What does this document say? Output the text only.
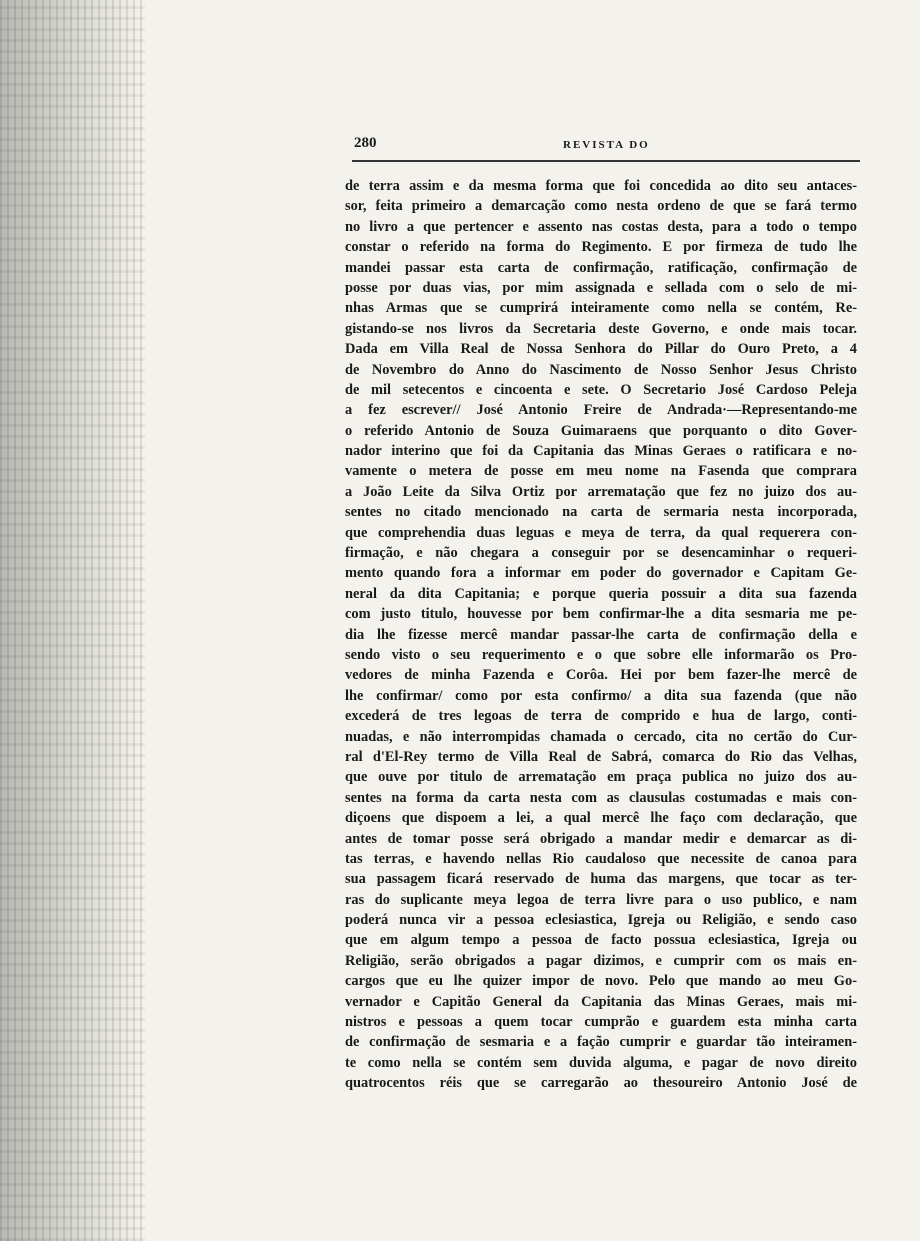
280	REVISTA DO
de terra assim e da mesma forma que foi concedida ao dito seu antaces-
sor, feita primeiro a demarcação como nesta ordeno de que se fará termo
no livro a que pertencer e assento nas costas desta, para a todo o tempo
constar o referido na forma do Regimento. E por firmeza de tudo lhe
mandei passar esta carta de confirmação, ratificação, confirmação de
posse por duas vias, por mim assignada e sellada com o selo de mi-
nhas Armas que se cumprirá inteiramente como nella se contém, Re-
gistando-se nos livros da Secretaria deste Governo, e onde mais tocar.
Dada em Villa Real de Nossa Senhora do Pillar do Ouro Preto, a 4
de Novembro do Anno do Nascimento de Nosso Senhor Jesus Christo
de mil setecentos e cincoenta e sete. O Secretario José Cardoso Peleja
a fez escrever// José Antonio Freire de Andrada·—Representando-me
o referido Antonio de Souza Guimaraens que porquanto o dito Gover-
nador interino que foi da Capitania das Minas Geraes o ratificara e no-
vamente o metera de posse em meu nome na Fasenda que comprara
a João Leite da Silva Ortiz por arrematação que fez no juizo dos au-
sentes no citado mencionado na carta de sermaria nesta incorporada,
que comprehendia duas leguas e meya de terra, da qual requerera con-
firmação, e não chegara a conseguir por se desencaminhar o requeri-
mento quando fora a informar em poder do governador e Capitam Ge-
neral da dita Capitania; e porque queria possuir a dita sua fazenda
com justo titulo, houvesse por bem confirmar-lhe a dita sesmaria me pe-
dia lhe fizesse mercê mandar passar-lhe carta de confirmação della e
sendo visto o seu requerimento e o que sobre elle informarão os Pro-
vedores de minha Fazenda e Corôa. Hei por bem fazer-lhe mercê de
lhe confirmar/ como por esta confirmo/ a dita sua fazenda (que não
excederá de tres legoas de terra de comprido e hua de largo, conti-
nuadas, e não interrompidas chamada o cercado, cita no certão do Cur-
ral d'El-Rey termo de Villa Real de Sabrá, comarca do Rio das Velhas,
que ouve por titulo de arrematação em praça publica no juizo dos au-
sentes na forma da carta nesta com as clausulas costumadas e mais con-
diçoens que dispoem a lei, a qual mercê lhe faço com declaração, que
antes de tomar posse será obrigado a mandar medir e demarcar as di-
tas terras, e havendo nellas Rio caudaloso que necessite de canoa para
sua passagem ficará reservado de huma das margens, que tocar as ter-
ras do suplicante meya legoa de terra livre para o uso publico, e nam
poderá nunca vir a pessoa eclesiastica, Igreja ou Religião, e sendo caso
que em algum tempo a pessoa de facto possua eclesiastica, Igreja ou
Religião, serão obrigados a pagar dizimos, e cumprir com os mais en-
cargos que eu lhe quizer impor de novo. Pelo que mando ao meu Go-
vernador e Capitão General da Capitania das Minas Geraes, mais mi-
nistros e pessoas a quem tocar cumprão e guardem esta minha carta
de confirmação de sesmaria e a fação cumprir e guardar tão inteiramen-
te como nella se contém sem duvida alguma, e pagar de novo direito
quatrocentos réis que se carregarão ao thesoureiro Antonio José de
